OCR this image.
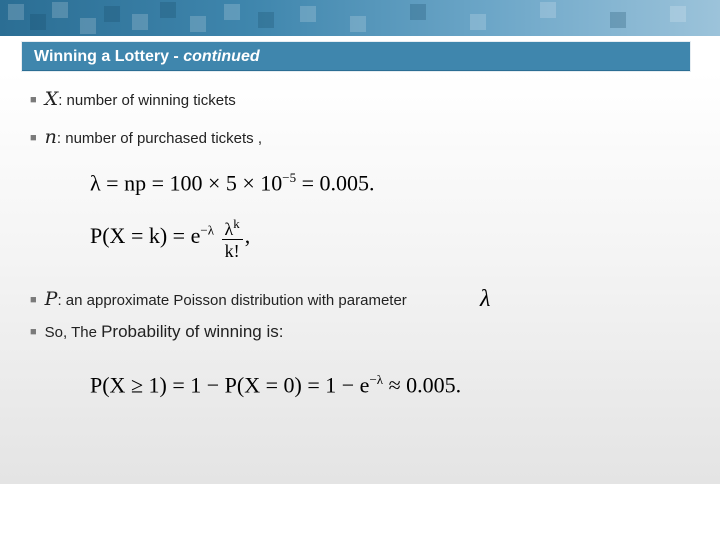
Winning a Lottery - continued
■ X: number of winning tickets
■ n: number of purchased tickets ,
λ = np = $100 \times 5 \times 10^{-5} = 0.005$.
$P(X = k) = e^{-\lambda} \frac{\lambda^k}{k!}$ ,
■ P: an approximate Poisson distribution with parameter	λ
■ So, The Probability of winning is:
$P(X \ge 1) = 1 - P(X = 0) = 1 - e^{-\lambda} \approx 0.005$.
